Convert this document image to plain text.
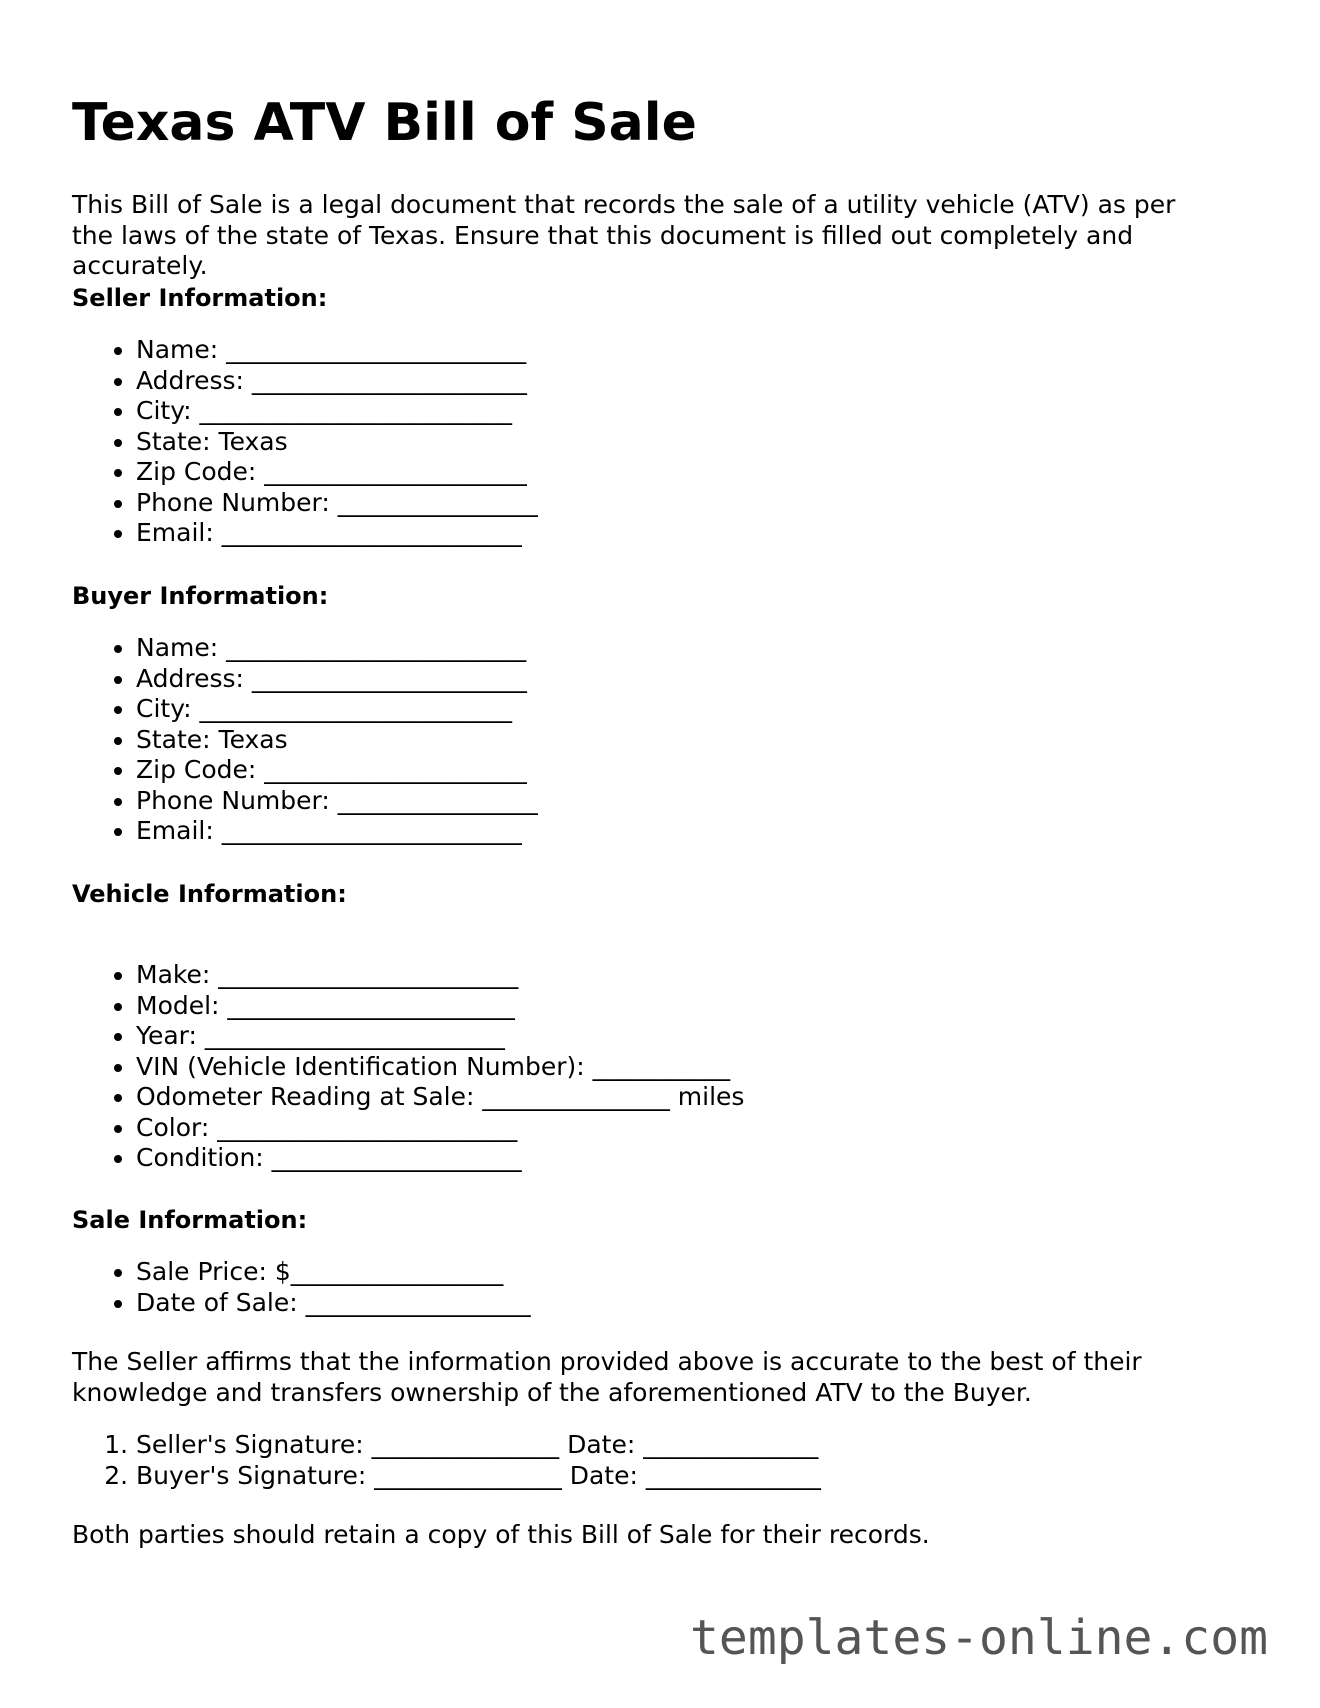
Texas ATV Bill of Sale

This Bill of Sale is a legal document that records the sale of a utility vehicle (ATV) as per the laws of the state of Texas. Ensure that this document is filled out completely and accurately.

Seller Information:
• Name: ________________________
• Address: ______________________
• City: _________________________
• State: Texas
• Zip Code: _____________________
• Phone Number: ________________
• Email: ________________________
Buyer Information:
• Name: ________________________
• Address: ______________________
• City: _________________________
• State: Texas
• Zip Code: _____________________
• Phone Number: ________________
• Email: ________________________
Vehicle Information:
• Make: ________________________
• Model: _______________________
• Year: ________________________
• VIN (Vehicle Identification Number): ___________
• Odometer Reading at Sale: _______________ miles
• Color: ________________________
• Condition: ____________________
Sale Information:
• Sale Price: $_________________
• Date of Sale: __________________

The Seller affirms that the information provided above is accurate to the best of their knowledge and transfers ownership of the aforementioned ATV to the Buyer.

1. Seller's Signature: _______________ Date: ______________
2. Buyer's Signature: _______________ Date: ______________

Both parties should retain a copy of this Bill of Sale for their records.

templates-online.com
